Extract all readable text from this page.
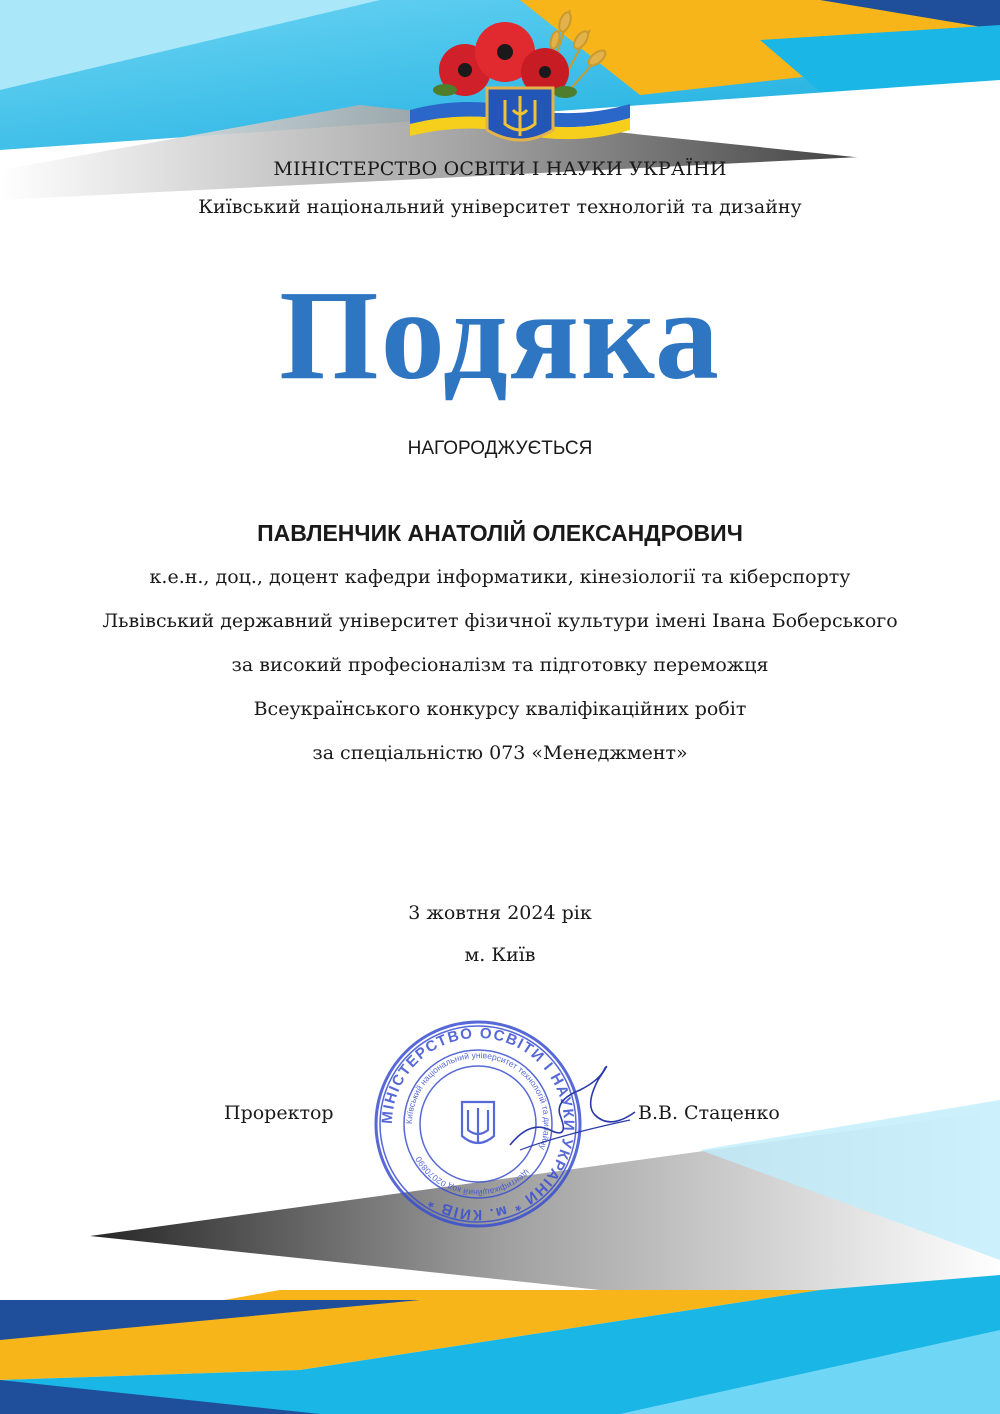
МІНІСТЕРСТВО ОСВІТИ І НАУКИ УКРАЇНИ
Київський національний університет технологій та дизайну
Подяка
НАГОРОДЖУЄТЬСЯ
ПАВЛЕНЧИК АНАТОЛІЙ ОЛЕКСАНДРОВИЧ
к.е.н., доц., доцент кафедри інформатики, кінезіології та кіберспорту
Львівський державний університет фізичної культури імені Івана Боберського
за високий професіоналізм та підготовку переможця
Всеукраїнського конкурсу кваліфікаційних робіт
за спеціальністю 073 «Менеджмент»
3 жовтня 2024 рік
м. Київ
Проректор	В.В. Стаценко
МІНІСТЕРСТВО ОСВІТИ І НАУКИ УКРАЇНИ * м. КИЇВ *
Київський національний університет технологій та дизайну
ідентифікаційний код 02070890
